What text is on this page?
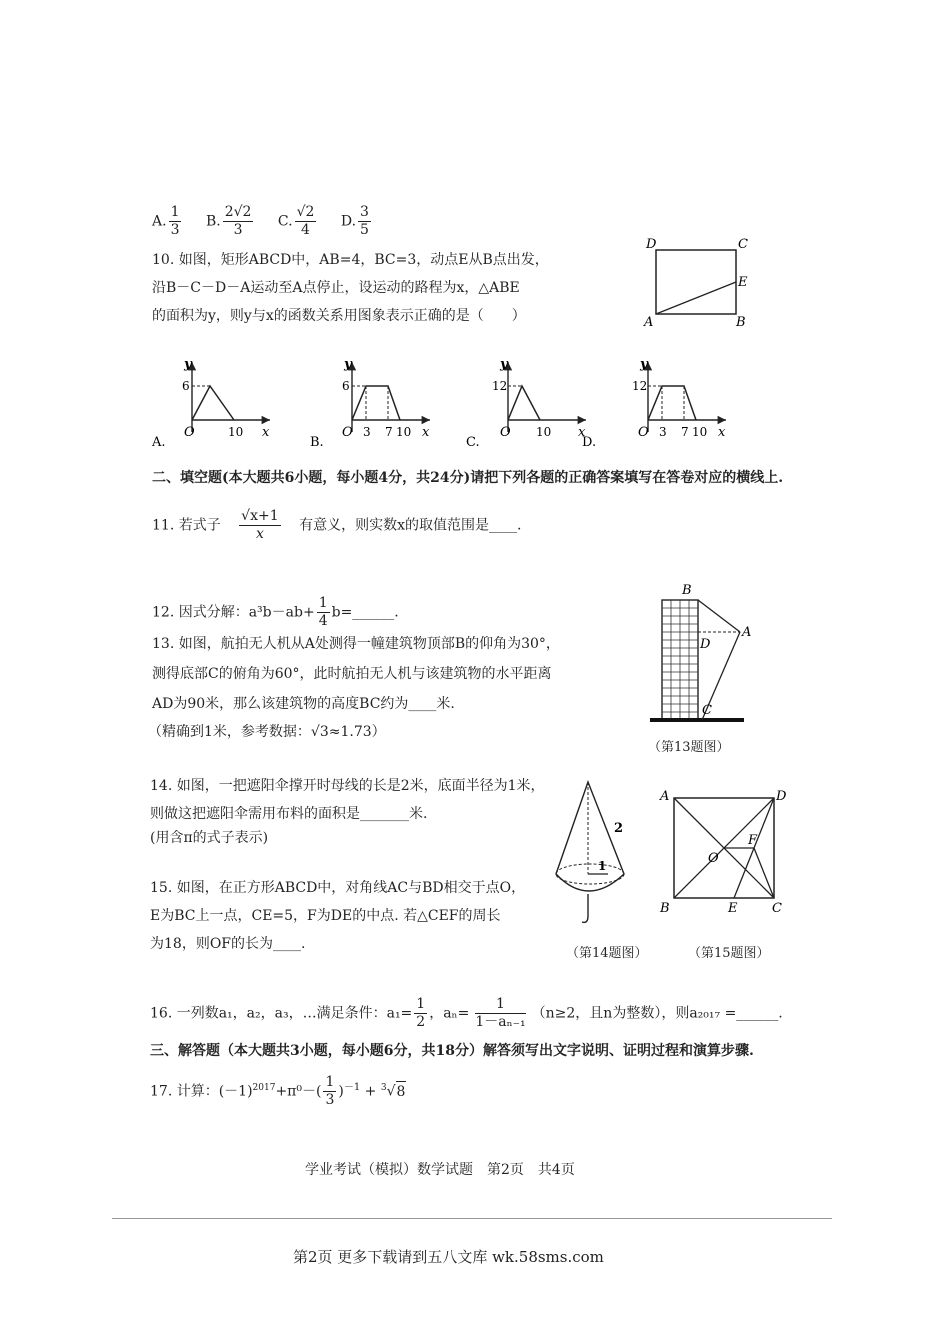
A. $\frac{1}{3} B$. $\frac{2√2}{3} C$. $\frac{√2}{4} D$. $\frac{3}{5}$
10. 如图，矩形ABCD中，AB=4，BC=3，动点E从B点出发，
沿B－C－D－A运动至A点停止，设运动的路程为x，△ABE
的面积为y，则y与x的函数关系用图象表示正确的是（　　）
D	C
E
A	B
y
6
O	10 x
A.
y
6
O 3 7 10 x
y
12
O 10 x
y
12
O 3 7 10 x
B.	C.	D.
二、填空题(本大题共6小题，每小题4分，共24分)请把下列各题的正确答案填写在答卷对应的横线上.
11. 若式子 $\frac{√x+1}{x}$ 有意义，则实数x的取值范围是____.
12. 因式分解：$a^3b-ab+ \frac{1}{4}$ b=______.
13. 如图，航拍无人机从A处测得一幢建筑物顶部B的仰角为30°，
测得底部C的俯角为60°，此时航拍无人机与该建筑物的水平距离
AD为90米，那么该建筑物的高度BC约为____米.
（精确到1米，参考数据：√3≈1.73）
B
A
D
C
（第13题图）
14. 如图，一把遮阳伞撑开时母线的长是2米，底面半径为1米，
则做这把遮阳伞需用布料的面积是_______米.
(用含π的式子表示)
2
1
（第14题图）
15. 如图，在正方形ABCD中，对角线AC与BD相交于点O，
E为BC上一点，CE=5，F为DE的中点. 若△CEF的周长
为18，则OF的长为____.
A	D
O
F
B	E	C
（第15题图）
16. 一列数a₁，a₂，a₃，…满足条件：$a_1= \frac{1}{2}$ ，$a_n= \frac{1}{\text{1－aₙ₋₁}} (n\ge 2$，且n为整数），则a₂₀₁₇ =______.
三、解答题（本大题共3小题，每小题6分，共18分）解答须写出文字说明、证明过程和演算步骤.
17. 计算：$(-1)^{2017}+\pi^0-( \frac{1}{3} )^{-1} + ^3√8$
学业考试（模拟）数学试题　第2页　共4页
第2页 更多下载请到五八文库 wk.58sms.com
